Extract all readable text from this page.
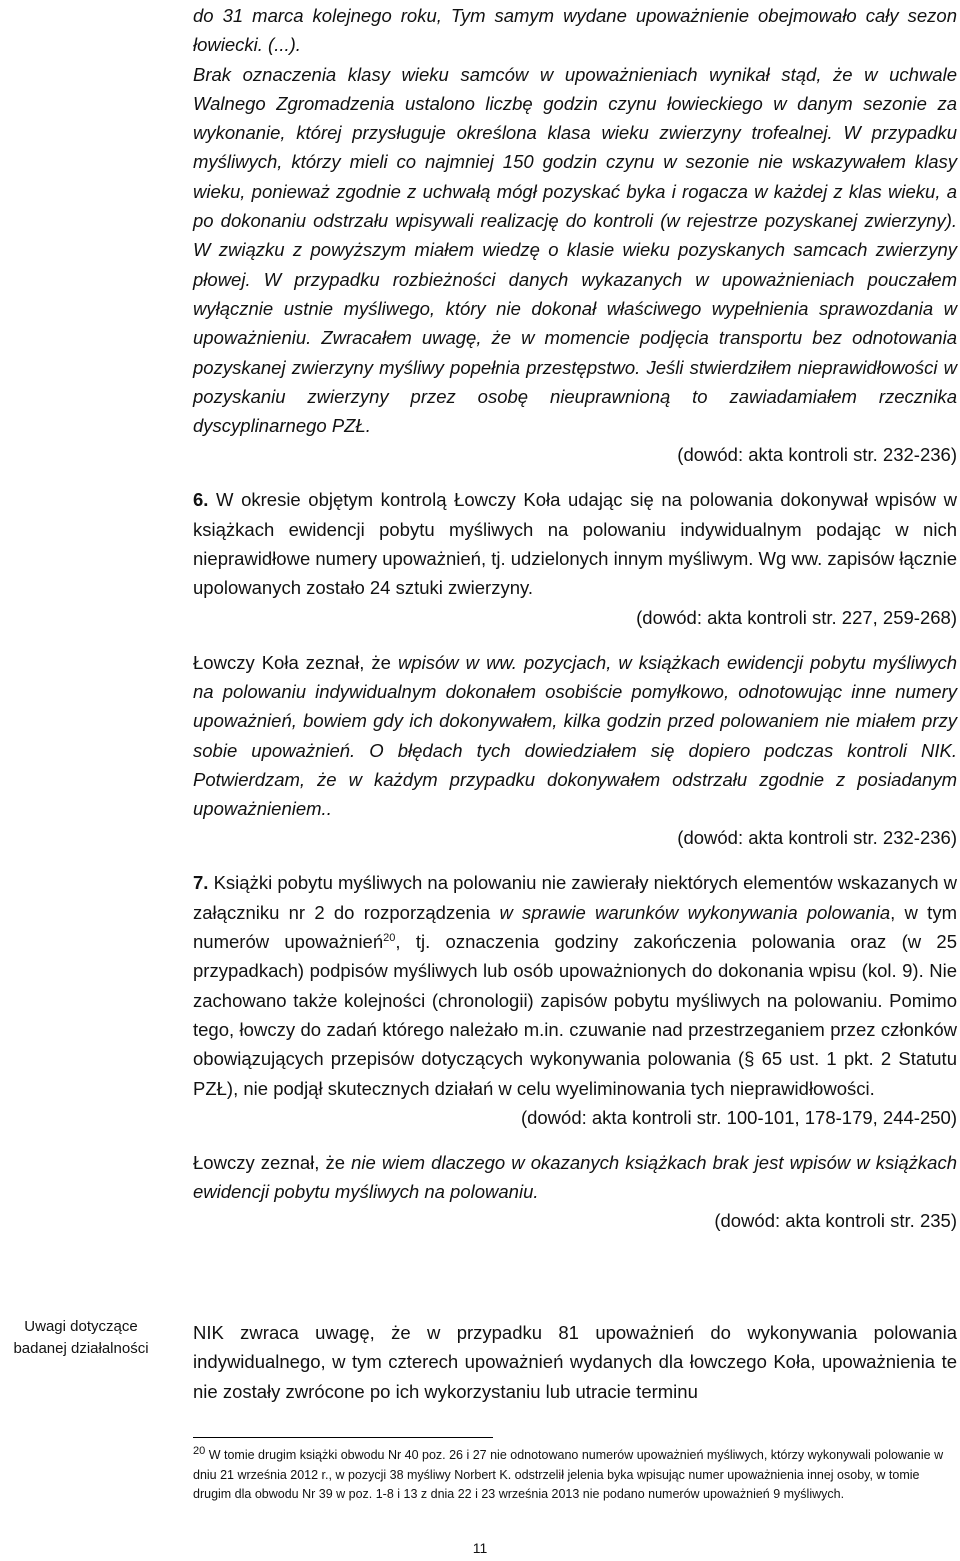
do 31 marca kolejnego roku, Tym samym wydane upoważnienie obejmowało cały sezon łowiecki. (...).

Brak oznaczenia klasy wieku samców w upoważnieniach wynikał stąd, że w uchwale Walnego Zgromadzenia ustalono liczbę godzin czynu łowieckiego w danym sezonie za wykonanie, której przysługuje określona klasa wieku zwierzyny trofealnej. W przypadku myśliwych, którzy mieli co najmniej 150 godzin czynu w sezonie nie wskazywałem klasy wieku, ponieważ zgodnie z uchwałą mógł pozyskać byka i rogacza w każdej z klas wieku, a po dokonaniu odstrzału wpisywali realizację do kontroli (w rejestrze pozyskanej zwierzyny). W związku z powyższym miałem wiedzę o klasie wieku pozyskanych samcach zwierzyny płowej. W przypadku rozbieżności danych wykazanych w upoważnieniach pouczałem wyłącznie ustnie myśliwego, który nie dokonał właściwego wypełnienia sprawozdania w upoważnieniu. Zwracałem uwagę, że w momencie podjęcia transportu bez odnotowania pozyskanej zwierzyny myśliwy popełnia przestępstwo. Jeśli stwierdziłem nieprawidłowości w pozyskaniu zwierzyny przez osobę nieuprawnioną to zawiadamiałem rzecznika dyscyplinarnego PZŁ.

(dowód: akta kontroli str. 232-236)

6. W okresie objętym kontrolą Łowczy Koła udając się na polowania dokonywał wpisów w książkach ewidencji pobytu myśliwych na polowaniu indywidualnym podając w nich nieprawidłowe numery upoważnień, tj. udzielonych innym myśliwym. Wg ww. zapisów łącznie upolowanych zostało 24 sztuki zwierzyny.

(dowód: akta kontroli str. 227, 259-268)

Łowczy Koła zeznał, że wpisów w ww. pozycjach, w książkach ewidencji pobytu myśliwych na polowaniu indywidualnym dokonałem osobiście pomyłkowo, odnotowując inne numery upoważnień, bowiem gdy ich dokonywałem, kilka godzin przed polowaniem nie miałem przy sobie upoważnień. O błędach tych dowiedziałem się dopiero podczas kontroli NIK. Potwierdzam, że w każdym przypadku dokonywałem odstrzału zgodnie z posiadanym upoważnieniem..

(dowód: akta kontroli str. 232-236)

7. Książki pobytu myśliwych na polowaniu nie zawierały niektórych elementów wskazanych w załączniku nr 2 do rozporządzenia w sprawie warunków wykonywania polowania, w tym numerów upoważnień$^{20}$, tj. oznaczenia godziny zakończenia polowania oraz (w 25 przypadkach) podpisów myśliwych lub osób upoważnionych do dokonania wpisu (kol. 9). Nie zachowano także kolejności (chronologii) zapisów pobytu myśliwych na polowaniu. Pomimo tego, łowczy do zadań którego należało m.in. czuwanie nad przestrzeganiem przez członków obowiązujących przepisów dotyczących wykonywania polowania (§ 65 ust. 1 pkt. 2 Statutu PZŁ), nie podjął skutecznych działań w celu wyeliminowania tych nieprawidłowości.

(dowód: akta kontroli str. 100-101, 178-179, 244-250)

Łowczy zeznał, że nie wiem dlaczego w okazanych książkach brak jest wpisów w książkach ewidencji pobytu myśliwych na polowaniu.

(dowód: akta kontroli str. 235)

Uwagi dotyczące badanej działalności

NIK zwraca uwagę, że w przypadku 81 upoważnień do wykonywania polowania indywidualnego, w tym czterech upoważnień wydanych dla łowczego Koła, upoważnienia te nie zostały zwrócone po ich wykorzystaniu lub utracie terminu

$^{20}$ W tomie drugim książki obwodu Nr 40 poz. 26 i 27 nie odnotowano numerów upoważnień myśliwych, którzy wykonywali polowanie w dniu 21 września 2012 r., w pozycji 38 myśliwy Norbert K. odstrzelił jelenia byka wpisując numer upoważnienia innej osoby, w tomie drugim dla obwodu Nr 39 w poz. 1-8 i 13 z dnia 22 i 23 września 2013 nie podano numerów upoważnień 9 myśliwych.

11
